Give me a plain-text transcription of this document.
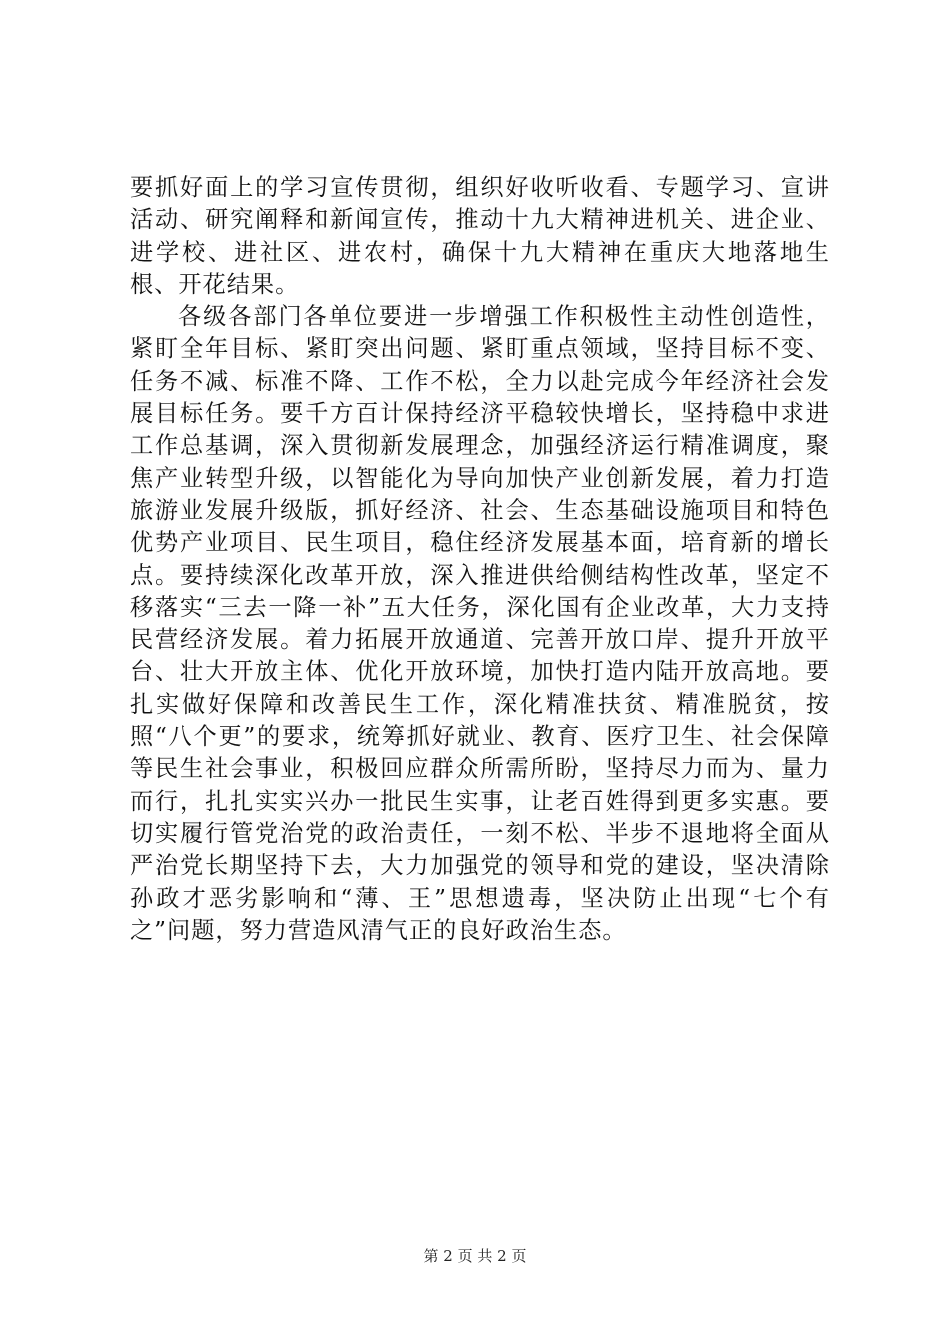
要抓好面上的学习宣传贯彻，组织好收听收看、专题学习、宣讲活动、研究阐释和新闻宣传，推动十九大精神进机关、进企业、进学校、进社区、进农村，确保十九大精神在重庆大地落地生根、开花结果。

各级各部门各单位要进一步增强工作积极性主动性创造性，紧盯全年目标、紧盯突出问题、紧盯重点领域，坚持目标不变、任务不减、标准不降、工作不松，全力以赴完成今年经济社会发展目标任务。要千方百计保持经济平稳较快增长，坚持稳中求进工作总基调，深入贯彻新发展理念，加强经济运行精准调度，聚焦产业转型升级，以智能化为导向加快产业创新发展，着力打造旅游业发展升级版，抓好经济、社会、生态基础设施项目和特色优势产业项目、民生项目，稳住经济发展基本面，培育新的增长点。要持续深化改革开放，深入推进供给侧结构性改革，坚定不移落实“三去一降一补”五大任务，深化国有企业改革，大力支持民营经济发展。着力拓展开放通道、完善开放口岸、提升开放平台、壮大开放主体、优化开放环境，加快打造内陆开放高地。要扎实做好保障和改善民生工作，深化精准扶贫、精准脱贫，按照“八个更”的要求，统筹抓好就业、教育、医疗卫生、社会保障等民生社会事业，积极回应群众所需所盼，坚持尽力而为、量力而行，扎扎实实兴办一批民生实事，让老百姓得到更多实惠。要切实履行管党治党的政治责任，一刻不松、半步不退地将全面从严治党长期坚持下去，大力加强党的领导和党的建设，坚决清除孙政才恶劣影响和“薄、王”思想遗毒，坚决防止出现“七个有之”问题，努力营造风清气正的良好政治生态。

第 2 页 共 2 页
